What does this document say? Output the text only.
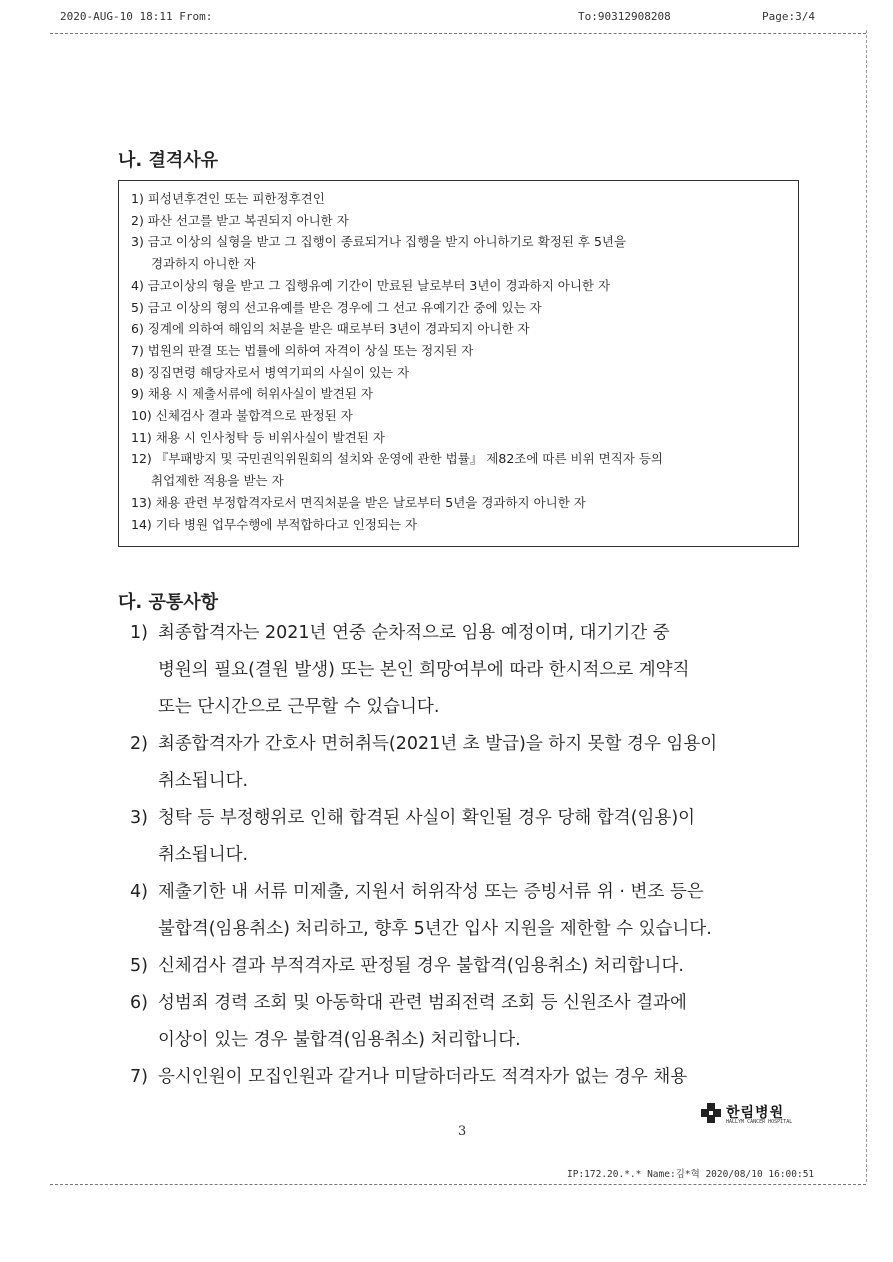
2020-AUG-10 18:11 From:	To:90312908208	Page:3/4
나. 결격사유
1) 피성년후견인 또는 피한정후견인
2) 파산 선고를 받고 복권되지 아니한 자
3) 금고 이상의 실형을 받고 그 집행이 종료되거나 집행을 받지 아니하기로 확정된 후 5년을
경과하지 아니한 자
4) 금고이상의 형을 받고 그 집행유예 기간이 만료된 날로부터 3년이 경과하지 아니한 자
5) 금고 이상의 형의 선고유예를 받은 경우에 그 선고 유예기간 중에 있는 자
6) 징계에 의하여 해임의 처분을 받은 때로부터 3년이 경과되지 아니한 자
7) 법원의 판결 또는 법률에 의하여 자격이 상실 또는 정지된 자
8) 징집면령 해당자로서 병역기피의 사실이 있는 자
9) 채용 시 제출서류에 허위사실이 발견된 자
10) 신체검사 결과 불합격으로 판정된 자
11) 채용 시 인사청탁 등 비위사실이 발견된 자
12) 『부패방지 및 국민권익위원회의 설치와 운영에 관한 법률』 제82조에 따른 비위 면직자 등의
취업제한 적용을 받는 자
13) 채용 관련 부정합격자로서 면직처분을 받은 날로부터 5년을 경과하지 아니한 자
14) 기타 병원 업무수행에 부적합하다고 인정되는 자
다. 공통사항
1) 최종합격자는 2021년 연중 순차적으로 임용 예정이며, 대기기간 중
병원의 필요(결원 발생) 또는 본인 희망여부에 따라 한시적으로 계약직
또는 단시간으로 근무할 수 있습니다.
2) 최종합격자가 간호사 면허취득(2021년 초 발급)을 하지 못할 경우 임용이
취소됩니다.
3) 청탁 등 부정행위로 인해 합격된 사실이 확인될 경우 당해 합격(임용)이
취소됩니다.
4) 제출기한 내 서류 미제출, 지원서 허위작성 또는 증빙서류 위 · 변조 등은
불합격(임용취소) 처리하고, 향후 5년간 입사 지원을 제한할 수 있습니다.
5) 신체검사 결과 부적격자로 판정될 경우 불합격(임용취소) 처리합니다.
6) 성범죄 경력 조회 및 아동학대 관련 범죄전력 조회 등 신원조사 결과에
이상이 있는 경우 불합격(임용취소) 처리합니다.
7) 응시인원이 모집인원과 같거나 미달하더라도 적격자가 없는 경우 채용
3
한림병원
HALLYM CANCER HOSPITAL
IP:172.20.*.* Name:김*혁 2020/08/10 16:00:51
